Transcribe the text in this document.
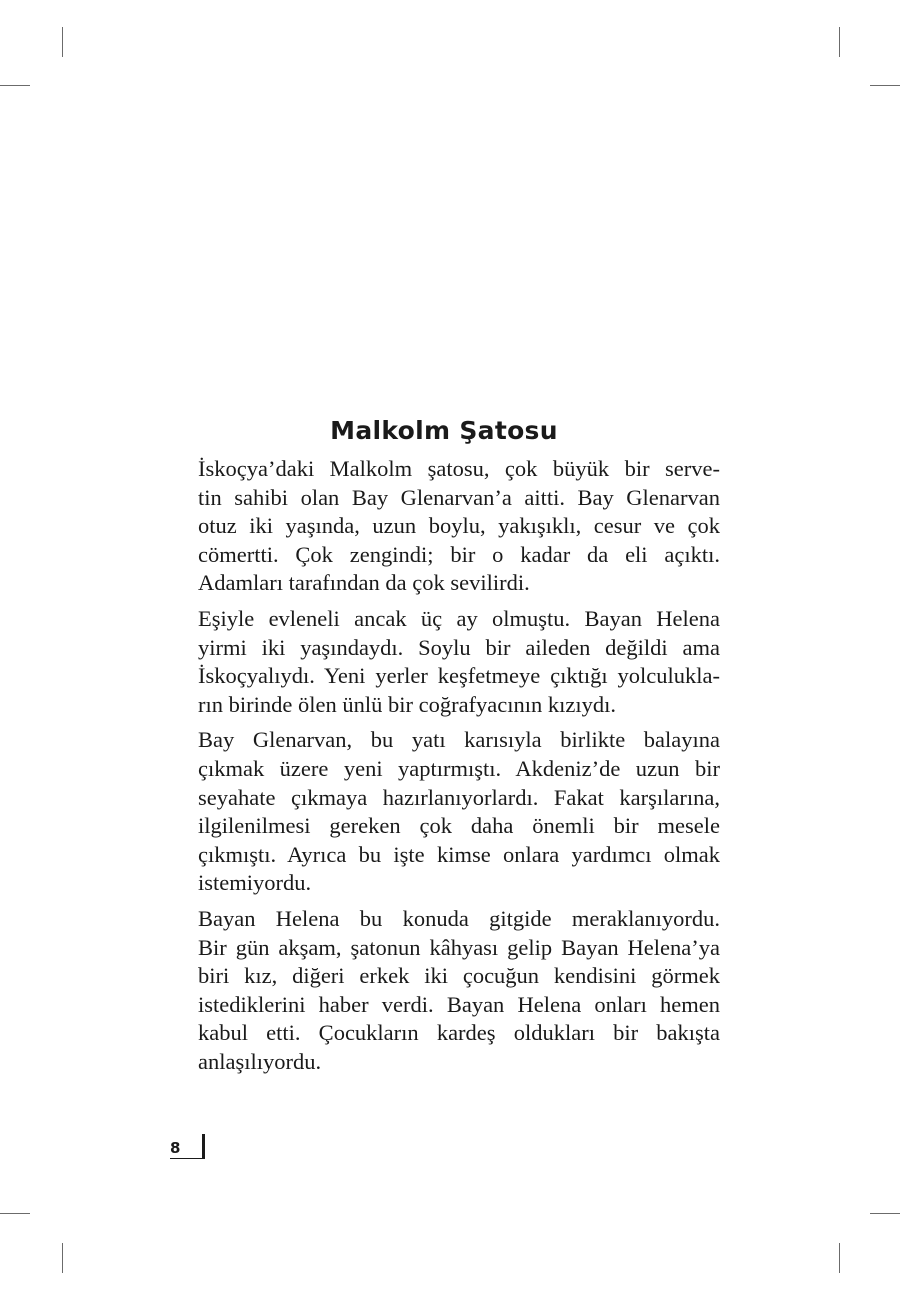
Malkolm Şatosu

İskoçya’daki Malkolm şatosu, çok büyük bir serve-
tin sahibi olan Bay Glenarvan’a aitti. Bay Glenarvan
otuz iki yaşında, uzun boylu, yakışıklı, cesur ve çok
cömertti. Çok zengindi; bir o kadar da eli açıktı.
Adamları tarafından da çok sevilirdi.

Eşiyle evleneli ancak üç ay olmuştu. Bayan Helena
yirmi iki yaşındaydı. Soylu bir aileden değildi ama
İskoçyalıydı. Yeni yerler keşfetmeye çıktığı yolculukla-
rın birinde ölen ünlü bir coğrafyacının kızıydı.

Bay Glenarvan, bu yatı karısıyla birlikte balayına
çıkmak üzere yeni yaptırmıştı. Akdeniz’de uzun bir
seyahate çıkmaya hazırlanıyorlardı. Fakat karşılarına,
ilgilenilmesi gereken çok daha önemli bir mesele
çıkmıştı. Ayrıca bu işte kimse onlara yardımcı olmak
istemiyordu.

Bayan Helena bu konuda gitgide meraklanıyordu.
Bir gün akşam, şatonun kâhyası gelip Bayan Helena’ya
biri kız, diğeri erkek iki çocuğun kendisini görmek
istediklerini haber verdi. Bayan Helena onları hemen
kabul etti. Çocukların kardeş oldukları bir bakışta
anlaşılıyordu.

8
